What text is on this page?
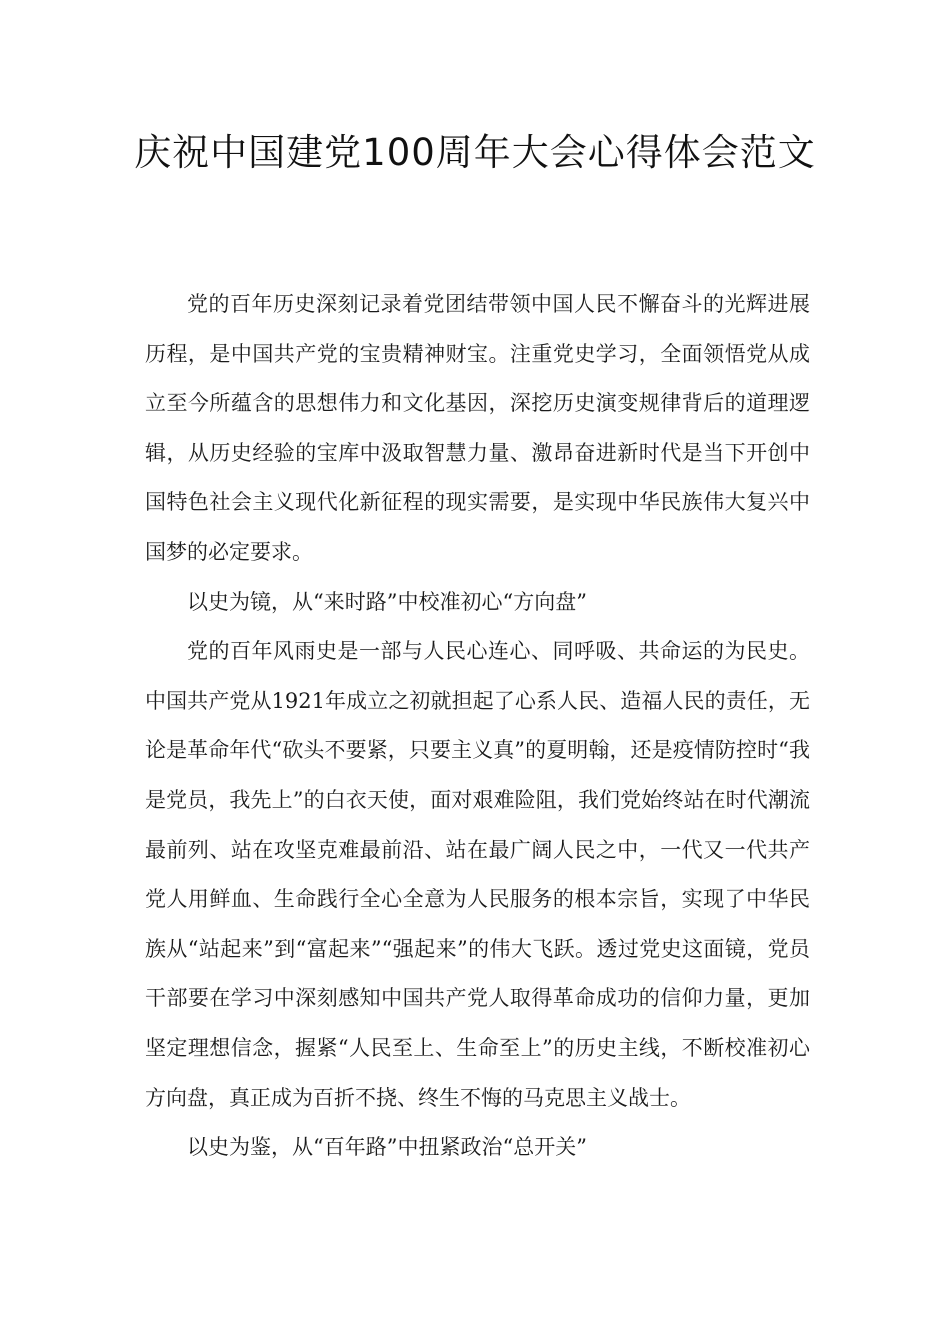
庆祝中国建党100周年大会心得体会范文

党的百年历史深刻记录着党团结带领中国人民不懈奋斗的光辉进展历程，是中国共产党的宝贵精神财宝。注重党史学习，全面领悟党从成立至今所蕴含的思想伟力和文化基因，深挖历史演变规律背后的道理逻辑，从历史经验的宝库中汲取智慧力量、激昂奋进新时代是当下开创中国特色社会主义现代化新征程的现实需要，是实现中华民族伟大复兴中国梦的必定要求。

以史为镜，从“来时路”中校准初心“方向盘”

党的百年风雨史是一部与人民心连心、同呼吸、共命运的为民史。中国共产党从1921年成立之初就担起了心系人民、造福人民的责任，无论是革命年代“砍头不要紧，只要主义真”的夏明翰，还是疫情防控时“我是党员，我先上”的白衣天使，面对艰难险阻，我们党始终站在时代潮流最前列、站在攻坚克难最前沿、站在最广阔人民之中，一代又一代共产党人用鲜血、生命践行全心全意为人民服务的根本宗旨，实现了中华民族从“站起来”到“富起来”“强起来”的伟大飞跃。透过党史这面镜，党员干部要在学习中深刻感知中国共产党人取得革命成功的信仰力量，更加坚定理想信念，握紧“人民至上、生命至上”的历史主线，不断校准初心方向盘，真正成为百折不挠、终生不悔的马克思主义战士。

以史为鉴，从“百年路”中扭紧政治“总开关”
